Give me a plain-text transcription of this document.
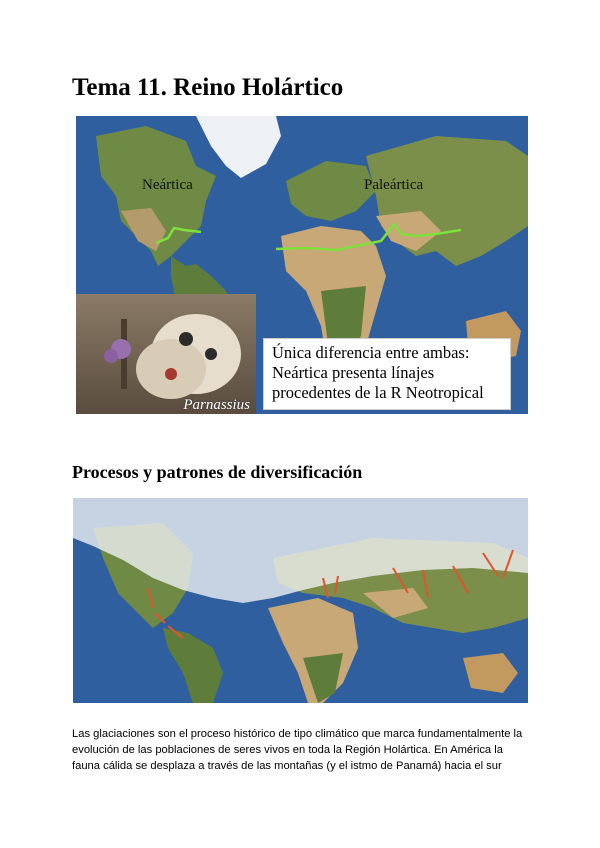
Tema 11. Reino Holártico
Neártica	Paleártica
Parnassius
Única diferencia entre ambas:
Neártica presenta línajes
procedentes de la R Neotropical
Procesos y patrones de diversificación
Las glaciaciones son el proceso histórico de tipo climático que marca fundamentalmente la
evolución de las poblaciones de seres vivos en toda la Región Holártica. En América la
fauna cálida se desplaza a través de las montañas (y el istmo de Panamá) hacia el sur
